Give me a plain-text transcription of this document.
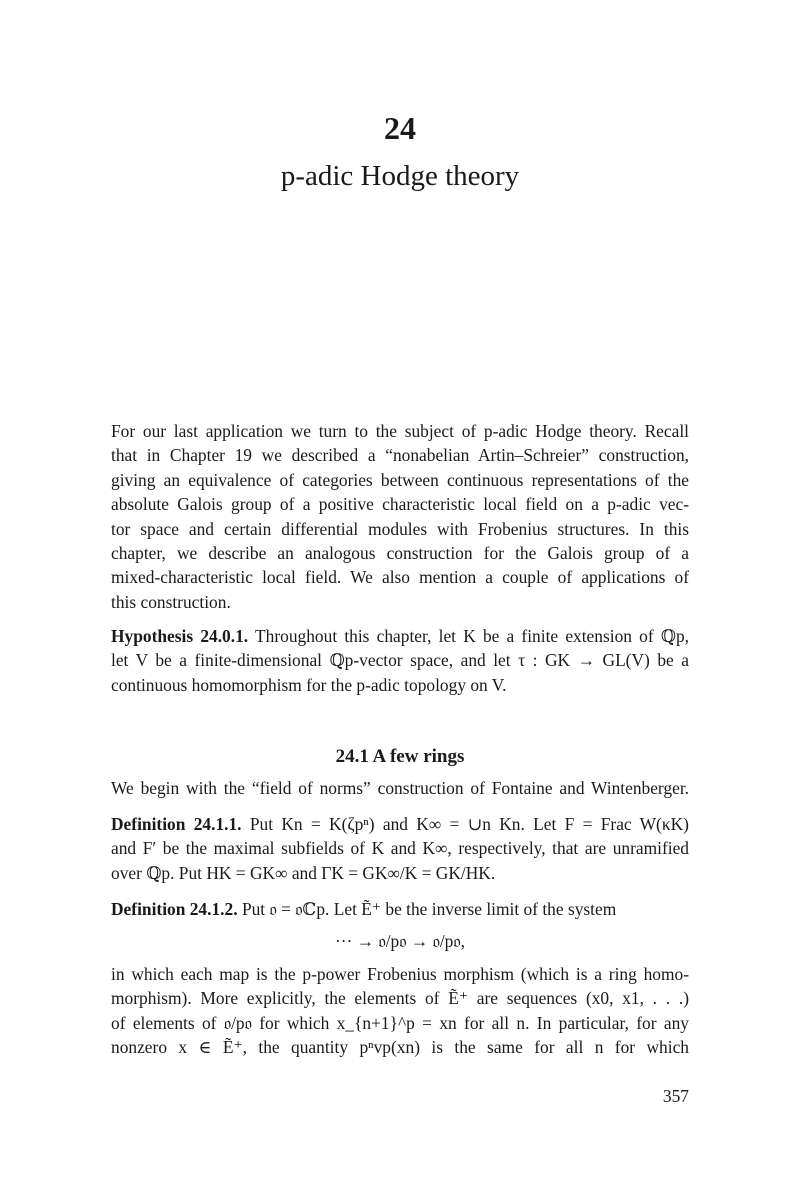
24
p-adic Hodge theory
For our last application we turn to the subject of p-adic Hodge theory. Recall
that in Chapter 19 we described a “nonabelian Artin–Schreier” construction,
giving an equivalence of categories between continuous representations of the
absolute Galois group of a positive characteristic local field on a p-adic vec-
tor space and certain differential modules with Frobenius structures. In this
chapter, we describe an analogous construction for the Galois group of a
mixed-characteristic local field. We also mention a couple of applications of
this construction.
Hypothesis 24.0.1. Throughout this chapter, let K be a finite extension of ℚp,
let V be a finite-dimensional ℚp-vector space, and let τ : GK → GL(V) be a
continuous homomorphism for the p-adic topology on V.
24.1 A few rings
We begin with the “field of norms” construction of Fontaine and Wintenberger.
Definition 24.1.1. Put Kn = K(ζpⁿ) and K∞ = ∪n Kn. Let F = Frac W(κK)
and F′ be the maximal subfields of K and K∞, respectively, that are unramified
over ℚp. Put HK = GK∞ and ΓK = GK∞/K = GK/HK.
Definition 24.1.2. Put 𝔬 = 𝔬ℂp. Let Ẽ⁺ be the inverse limit of the system
··· → 𝔬/p𝔬 → 𝔬/p𝔬,
in which each map is the p-power Frobenius morphism (which is a ring homo-
morphism). More explicitly, the elements of Ẽ⁺ are sequences (x0, x1, . . .)
of elements of 𝔬/p𝔬 for which x_{n+1}^p = xn for all n. In particular, for any
nonzero x ∈ Ẽ⁺, the quantity pⁿvp(xn) is the same for all n for which
357
